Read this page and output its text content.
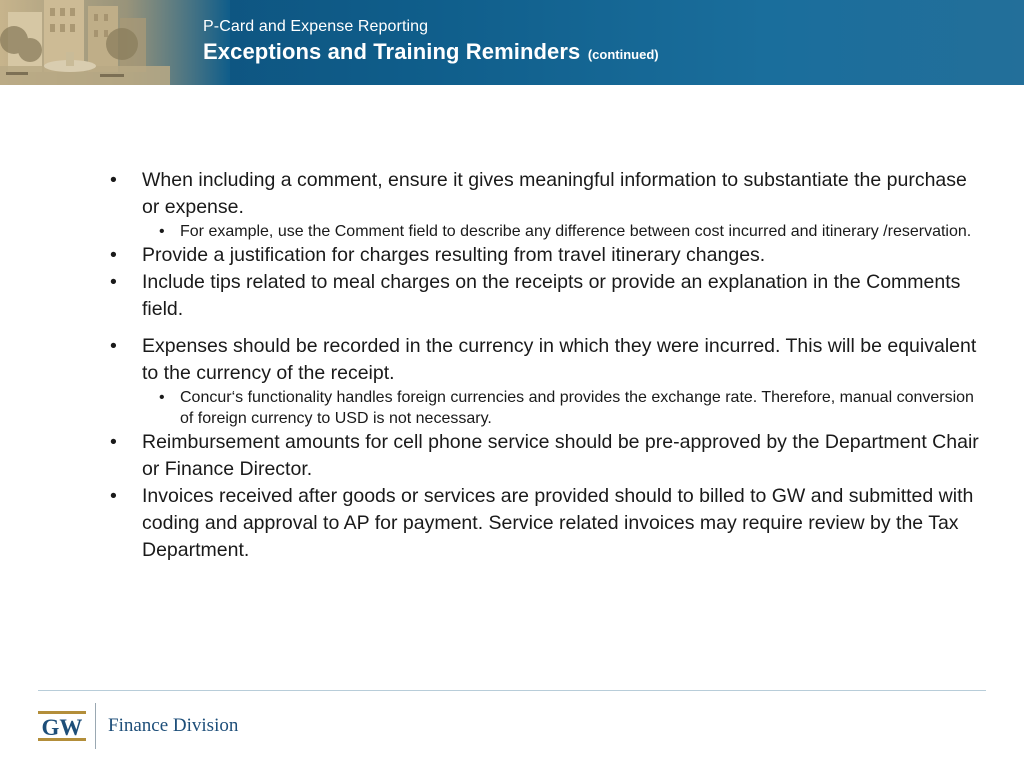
P-Card and Expense Reporting
Exceptions and Training Reminders (continued)

• When including a comment, ensure it gives meaningful information to substantiate the purchase or expense.

• For example, use the Comment field to describe any difference between cost incurred and itinerary /reservation.

• Provide a justification for charges resulting from travel itinerary changes.

• Include tips related to meal charges on the receipts or provide an explanation in the Comments field.

• Expenses should be recorded in the currency in which they were incurred. This will be equivalent to the currency of the receipt.

• Concur‘s functionality handles foreign currencies and provides the exchange rate. Therefore, manual conversion of foreign currency to USD is not necessary.

• Reimbursement amounts for cell phone service should be pre-approved by the Department Chair or Finance Director.

• Invoices received after goods or services are provided should to billed to GW and submitted with coding and approval to AP for payment. Service related invoices may require review by the Tax Department.

GW Finance Division
